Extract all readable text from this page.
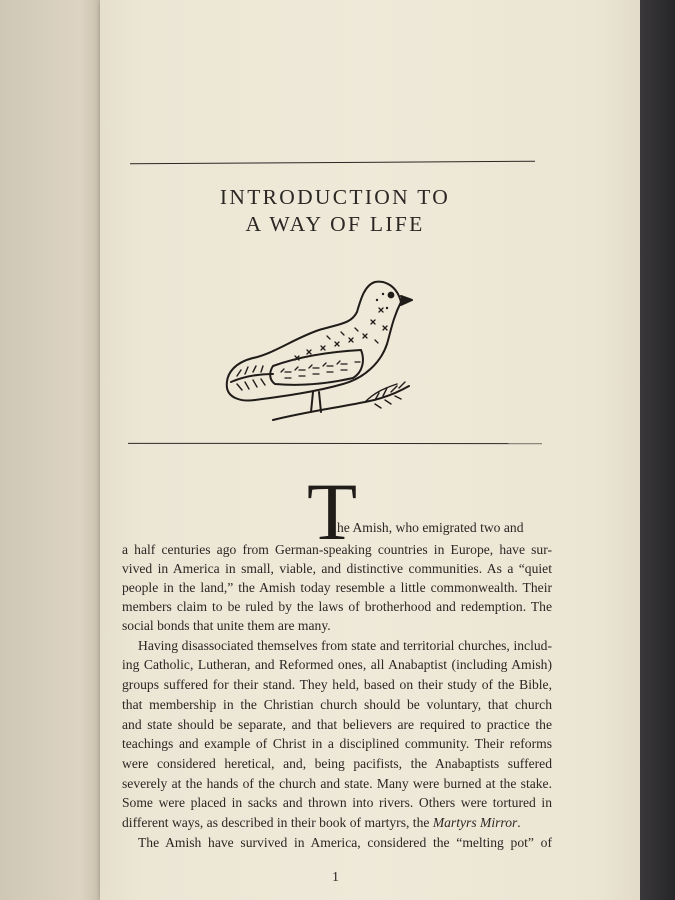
INTRODUCTION TO
A WAY OF LIFE
T
he Amish, who emigrated two and
a half centuries ago from German-speaking countries in Europe, have sur-
vived in America in small, viable, and distinctive communities. As a “quiet
people in the land,” the Amish today resemble a little commonwealth. Their
members claim to be ruled by the laws of brotherhood and redemption. The
social bonds that unite them are many.
Having disassociated themselves from state and territorial churches, includ-
ing Catholic, Lutheran, and Reformed ones, all Anabaptist (including Amish)
groups suffered for their stand. They held, based on their study of the Bible,
that membership in the Christian church should be voluntary, that church
and state should be separate, and that believers are required to practice the
teachings and example of Christ in a disciplined community. Their reforms
were considered heretical, and, being pacifists, the Anabaptists suffered
severely at the hands of the church and state. Many were burned at the stake.
Some were placed in sacks and thrown into rivers. Others were tortured in
different ways, as described in their book of martyrs, the Martyrs Mirror.
The Amish have survived in America, considered the “melting pot” of
1
